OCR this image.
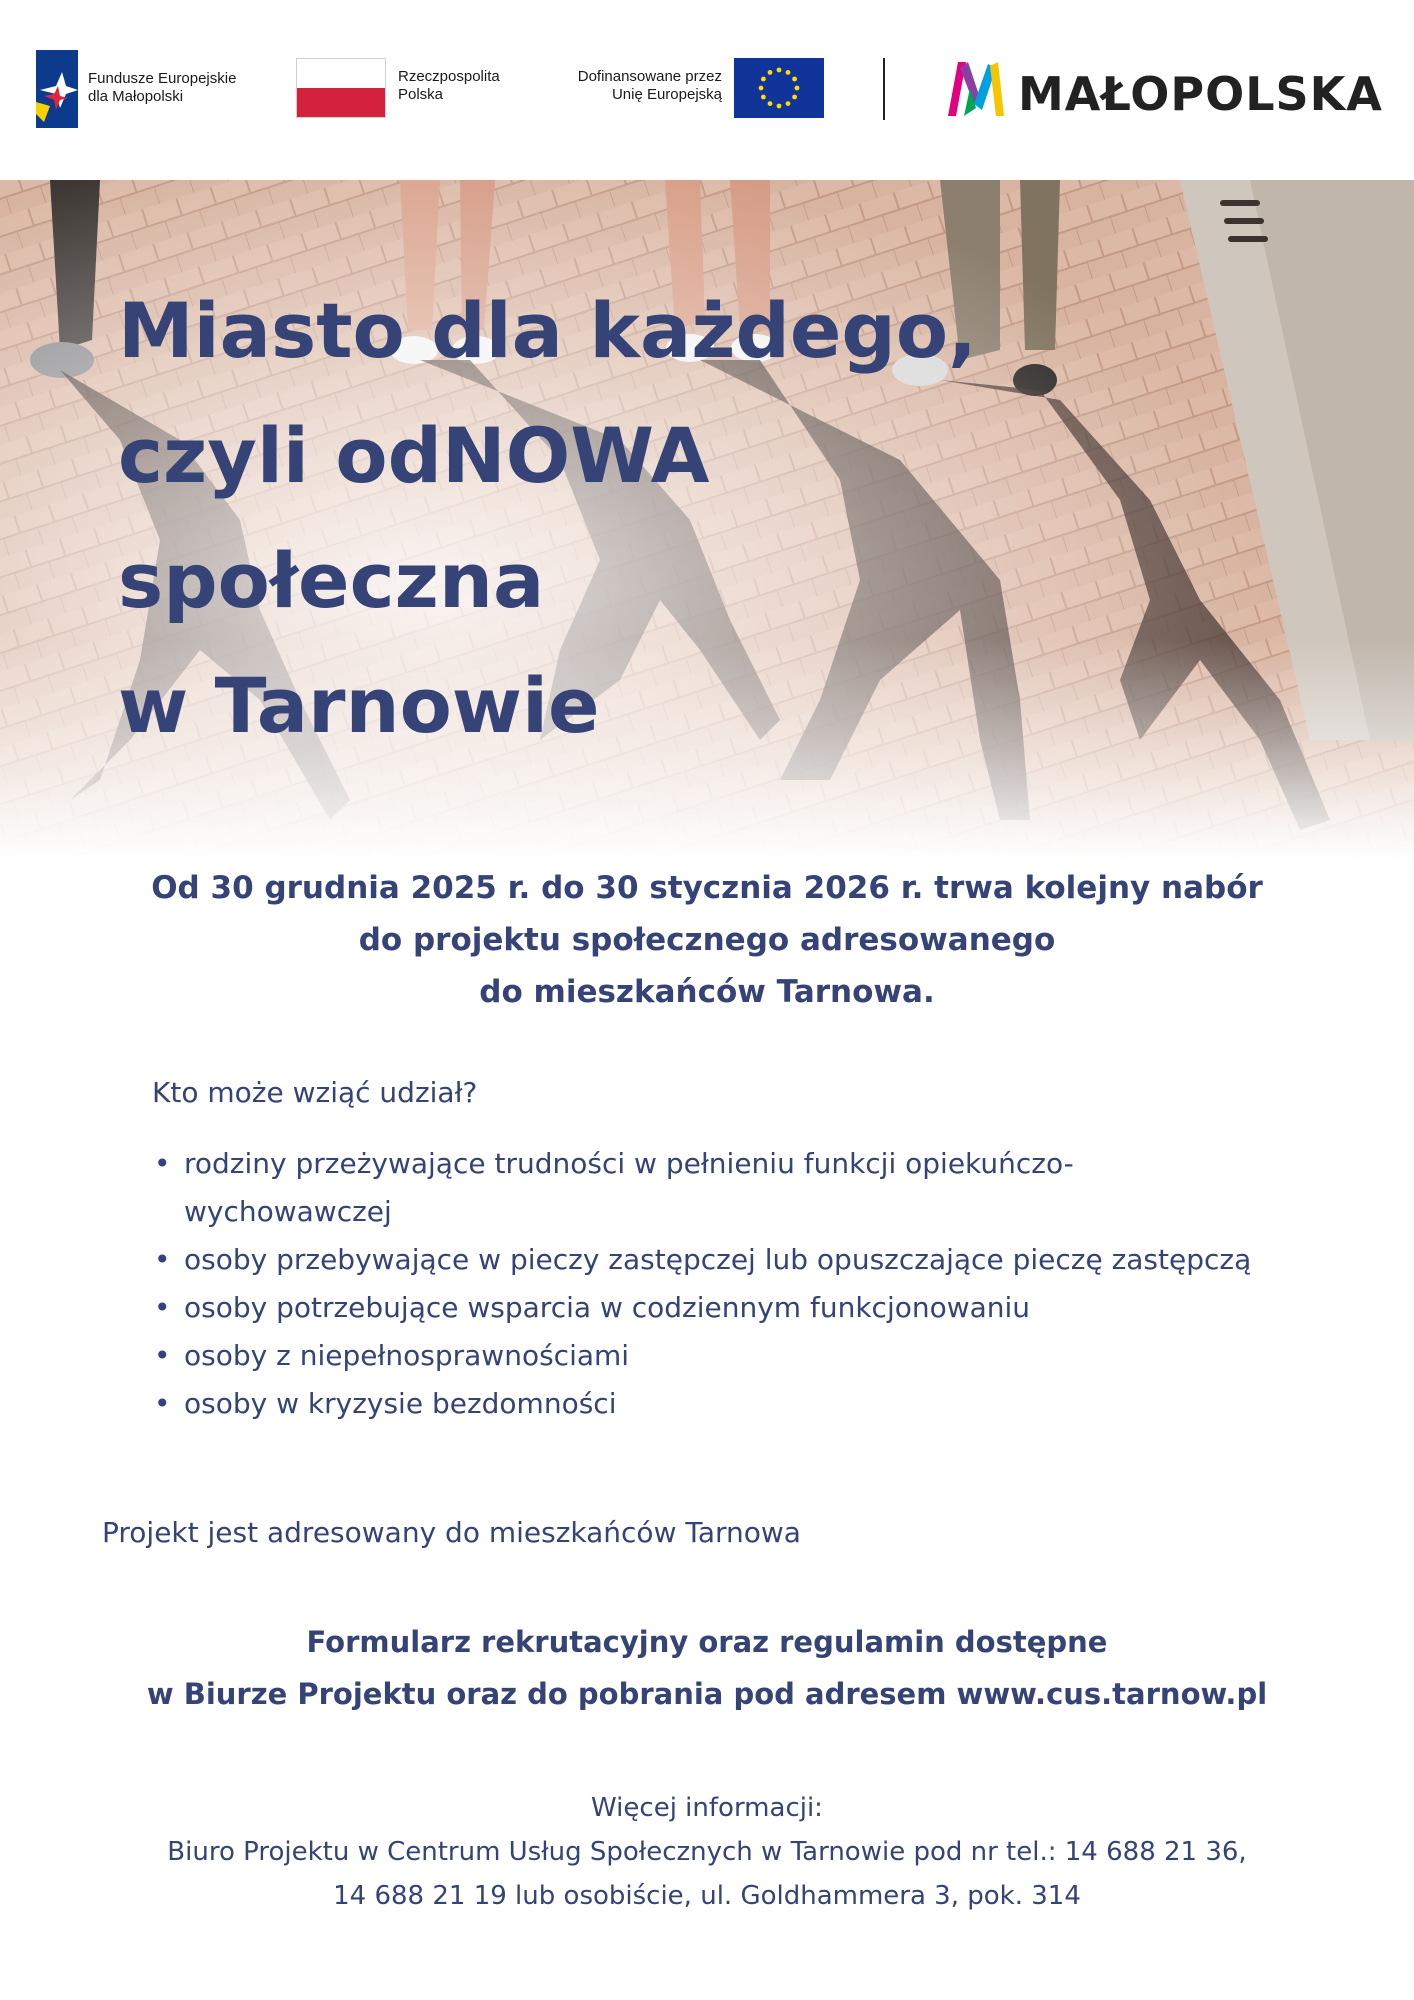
Fundusze Europejskie
dla Małopolski
Rzeczpospolita
Polska
Dofinansowane przez
Unię Europejską	MAŁOPOLSKA
Miasto dla każdego,
czyli odNOWA
społeczna
w Tarnowie
Od 30 grudnia 2025 r. do 30 stycznia 2026 r. trwa kolejny nabór
do projektu społecznego adresowanego
do mieszkańców Tarnowa.
Kto może wziąć udział?
• rodziny przeżywające trudności w pełnieniu funkcji opiekuńczo-wychowawczej
• osoby przebywające w pieczy zastępczej lub opuszczające pieczę zastępczą
• osoby potrzebujące wsparcia w codziennym funkcjonowaniu
• osoby z niepełnosprawnościami
• osoby w kryzysie bezdomności
Projekt jest adresowany do mieszkańców Tarnowa
Formularz rekrutacyjny oraz regulamin dostępne
w Biurze Projektu oraz do pobrania pod adresem www.cus.tarnow.pl
Więcej informacji:
Biuro Projektu w Centrum Usług Społecznych w Tarnowie pod nr tel.: 14 688 21 36,
14 688 21 19 lub osobiście, ul. Goldhammera 3, pok. 314
